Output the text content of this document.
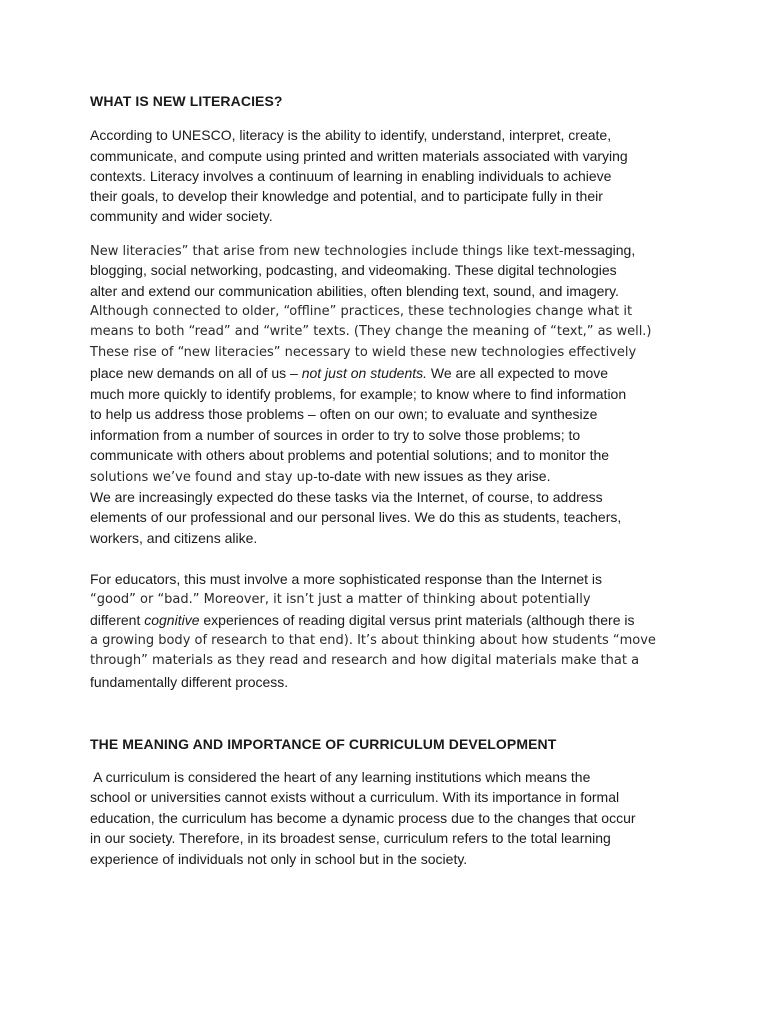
WHAT IS NEW LITERACIES?

According to UNESCO, literacy is the ability to identify, understand, interpret, create,

communicate, and compute using printed and written materials associated with varying

contexts. Literacy involves a continuum of learning in enabling individuals to achieve

their goals, to develop their knowledge and potential, and to participate fully in their

community and wider society.

New literacies” that arise from new technologies include things like text-messaging,

blogging, social networking, podcasting, and videomaking. These digital technologies

alter and extend our communication abilities, often blending text, sound, and imagery.

Although connected to older, “offline” practices, these technologies change what it

means to both “read” and “write” texts. (They change the meaning of “text,” as well.)

These rise of “new literacies” necessary to wield these new technologies effectively

place new demands on all of us – not just on students. We are all expected to move

much more quickly to identify problems, for example; to know where to find information

to help us address those problems – often on our own; to evaluate and synthesize

information from a number of sources in order to try to solve those problems; to

communicate with others about problems and potential solutions; and to monitor the

solutions we’ve found and stay up-to-date with new issues as they arise.

We are increasingly expected do these tasks via the Internet, of course, to address

elements of our professional and our personal lives. We do this as students, teachers,

workers, and citizens alike.

For educators, this must involve a more sophisticated response than the Internet is

“good” or “bad.” Moreover, it isn’t just a matter of thinking about potentially

different cognitive experiences of reading digital versus print materials (although there is

a growing body of research to that end). It’s about thinking about how students “move

through” materials as they read and research and how digital materials make that a

fundamentally different process.

THE MEANING AND IMPORTANCE OF CURRICULUM DEVELOPMENT

A curriculum is considered the heart of any learning institutions which means the

school or universities cannot exists without a curriculum. With its importance in formal

education, the curriculum has become a dynamic process due to the changes that occur

in our society. Therefore, in its broadest sense, curriculum refers to the total learning

experience of individuals not only in school but in the society.
